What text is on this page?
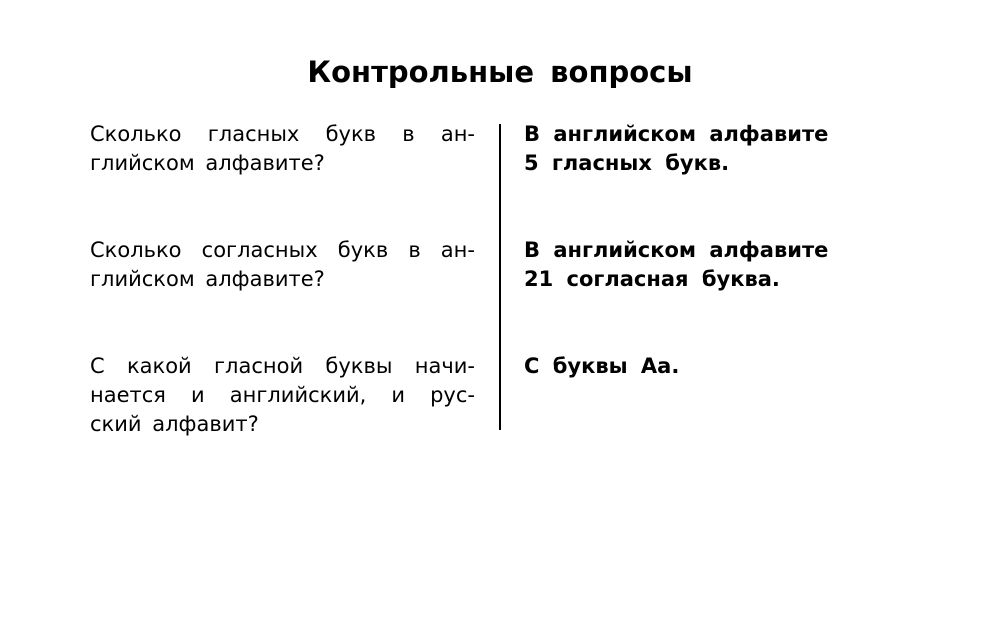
Контрольные вопросы
Сколько гласных букв в ан-
глийском алфавите?
В английском алфавите
5 гласных букв.
Сколько согласных букв в ан-
глийском алфавите?
В английском алфавите
21 согласная буква.
С какой гласной буквы начи-
нается и английский, и рус-
ский алфавит?
С буквы Аа.
